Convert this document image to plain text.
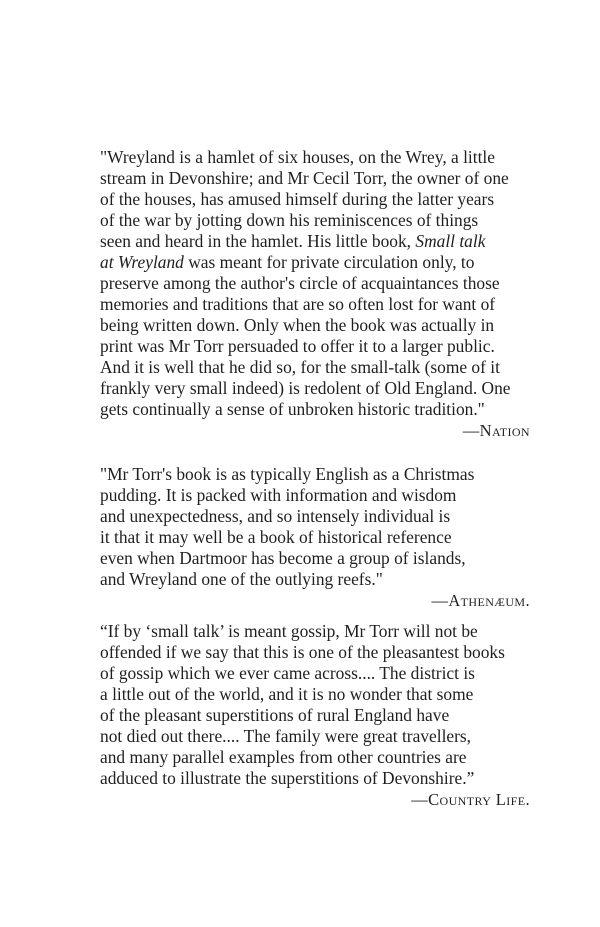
"Wreyland is a hamlet of six houses, on the Wrey, a little
stream in Devonshire; and Mr Cecil Torr, the owner of one
of the houses, has amused himself during the latter years
of the war by jotting down his reminiscences of things
seen and heard in the hamlet. His little book, Small talk
at Wreyland was meant for private circulation only, to
preserve among the author's circle of acquaintances those
memories and traditions that are so often lost for want of
being written down. Only when the book was actually in
print was Mr Torr persuaded to offer it to a larger public.
And it is well that he did so, for the small-talk (some of it
frankly very small indeed) is redolent of Old England. One
gets continually a sense of unbroken historic tradition."
—Nation
"Mr Torr's book is as typically English as a Christmas
pudding. It is packed with information and wisdom
and unexpectedness, and so intensely individual is
it that it may well be a book of historical reference
even when Dartmoor has become a group of islands,
and Wreyland one of the outlying reefs."
—Athenæum.
“If by ‘small talk’ is meant gossip, Mr Torr will not be
offended if we say that this is one of the pleasantest books
of gossip which we ever came across.... The district is
a little out of the world, and it is no wonder that some
of the pleasant superstitions of rural England have
not died out there.... The family were great travellers,
and many parallel examples from other countries are
adduced to illustrate the superstitions of Devonshire.”
—Country Life.
